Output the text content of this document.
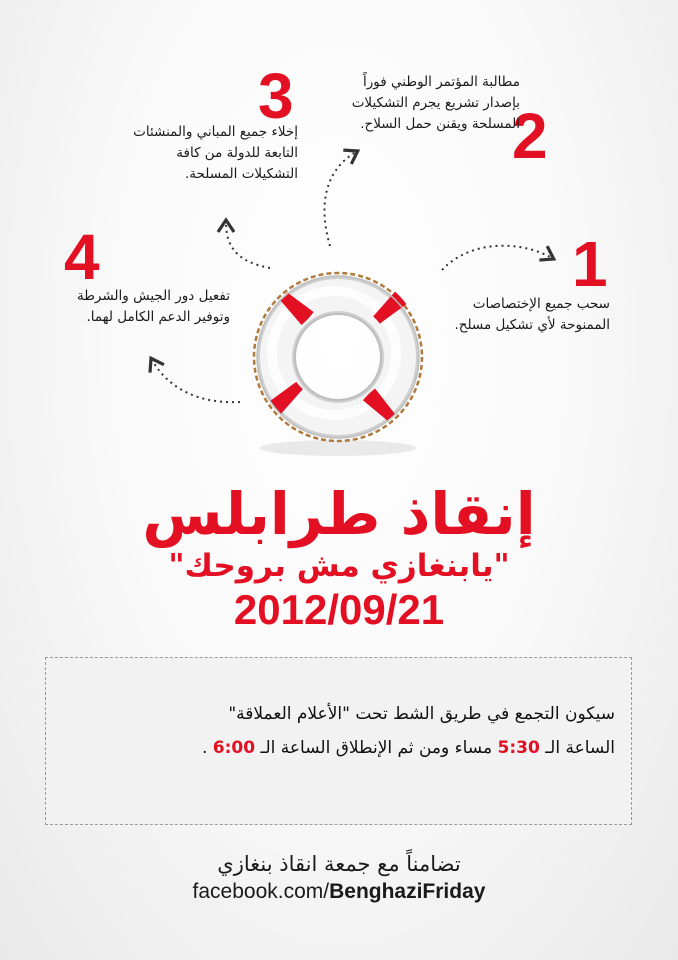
1
سحب جميع الإختصاصات الممنوحة لأي تشكيل مسلح.
2
مطالبة المؤتمر الوطني فوراً بإصدار تشريع يجرم التشكيلات المسلحة ويقنن حمل السلاح.
3
إخلاء جميع المباني والمنشئات التابعة للدولة من كافة التشكيلات المسلحة.
4
تفعيل دور الجيش والشرطة وتوفير الدعم الكامل لهما.
إنقاذ طرابلس
"يابنغازي مش بروحك"
2012/09/21
سيكون التجمع في طريق الشط تحت "الأعلام العملاقة"
الساعة الـ 5:30 مساء ومن ثم الإنطلاق الساعة الـ 6:00 .
تضامناً مع جمعة انقاذ بنغازي
facebook.com/BenghaziFriday
